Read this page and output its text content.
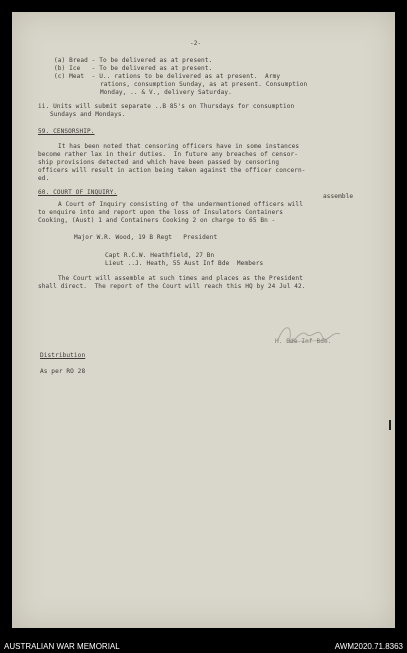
-2-
(a) Bread - To be delivered as at present.
(b) Ice   - To be delivered as at present.
(c) Meat  - U.. rations to be delivered as at present.  Army
rations, consumption Sunday, as at present. Consumption
Monday, .. & V., delivery Saturday.
ii. Units will submit separate ..B 85's on Thursdays for consumption
Sundays and Mondays.
59. CENSORSHIP.
It has been noted that censoring officers have in some instances
become rather lax in their duties.  In future any breaches of censor-
ship provisions detected and which have been passed by censoring
officers will result in action being taken against the officer concern-
ed.
60. COURT OF INQUIRY.
assemble
A Court of Inquiry consisting of the undermentioned officers will
to enquire into and report upon the loss of Insulators Containers
Cooking, (Aust) 1 and Containers Cooking 2 on charge to 65 Bn -
Major W.R. Wood, 19 B Regt   President
Capt R.C.W. Heathfield, 27 Bn
Lieut ..J. Heath, 55 Aust Inf Bde  Members
The Court will assemble at such times and places as the President
shall direct.  The report of the Court will reach this HQ by 24 Jul 42.
H. Bde Inf Bde.
Distribution
As per RO 28
AUSTRALIAN WAR MEMORIAL	AWM2020.71.8363
